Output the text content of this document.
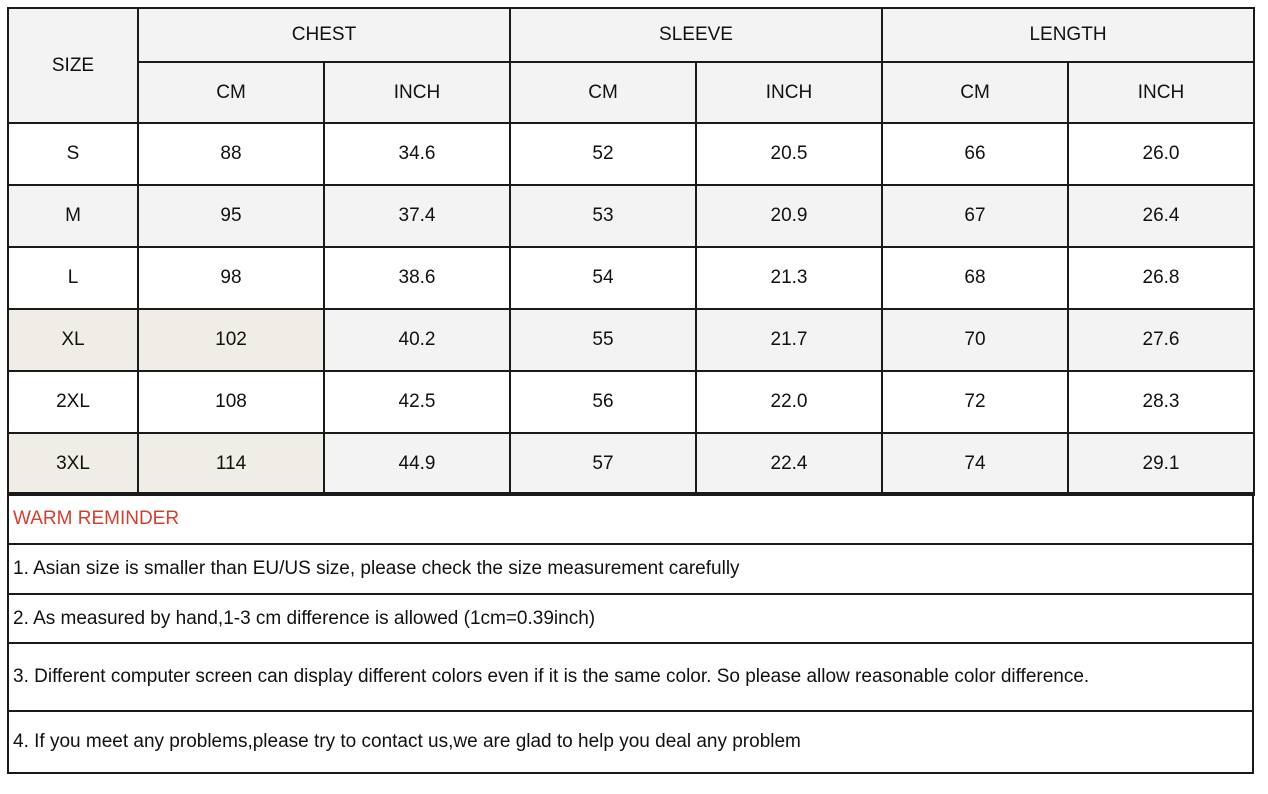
SIZE	CHEST		SLEEVE		LENGTH	
	CM	INCH	CM	INCH	CM	INCH
S	88	34.6	52	20.5	66	26.0
M	95	37.4	53	20.9	67	26.4
L	98	38.6	54	21.3	68	26.8
XL	102	40.2	55	21.7	70	27.6
2XL	108	42.5	56	22.0	72	28.3
3XL	114	44.9	57	22.4	74	29.1
WARM REMINDER
1. Asian size is smaller than EU/US size, please check the size measurement carefully
2. As measured by hand,1-3 cm difference is allowed (1cm=0.39inch)
3. Different computer screen can display different colors even if it is the same color. So please allow reasonable color difference.
4. If you meet any problems,please try to contact us,we are glad to help you deal any problem
